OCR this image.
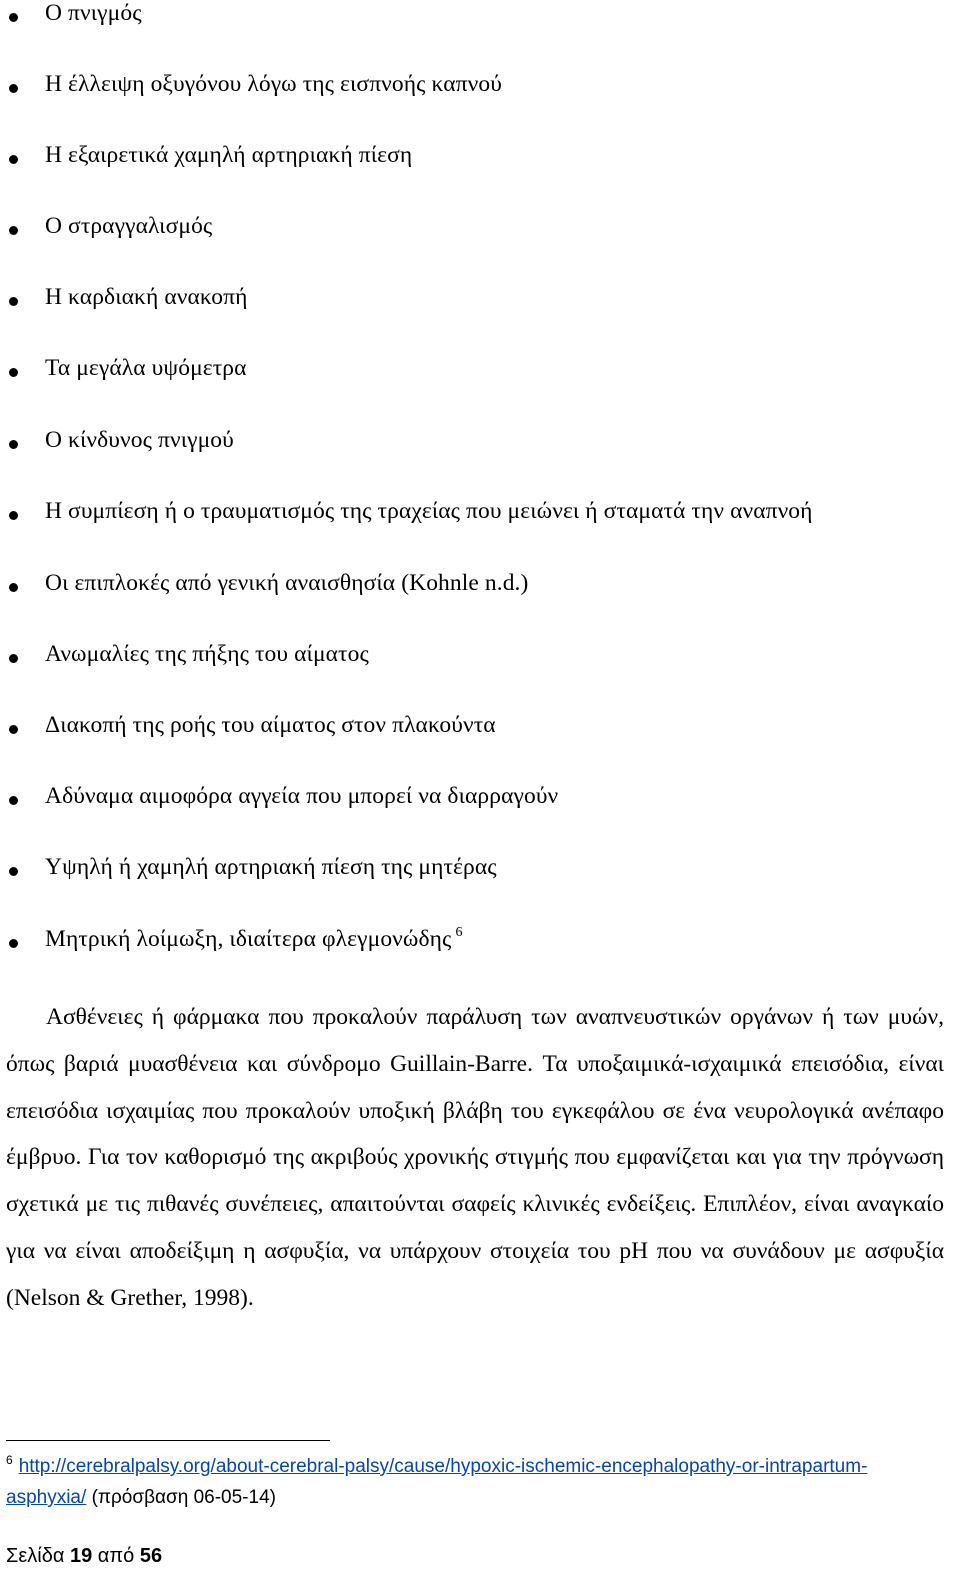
Ο πνιγμός
Η έλλειψη οξυγόνου λόγω της εισπνοής καπνού
Η εξαιρετικά χαμηλή αρτηριακή πίεση
Ο στραγγαλισμός
Η καρδιακή ανακοπή
Τα μεγάλα υψόμετρα
Ο κίνδυνος πνιγμού
Η συμπίεση ή ο τραυματισμός της τραχείας που μειώνει ή σταματά την αναπνοή
Οι επιπλοκές από γενική αναισθησία (Kohnle n.d.)
Ανωμαλίες της πήξης του αίματος
Διακοπή της ροής του αίματος στον πλακούντα
Αδύναμα αιμοφόρα αγγεία που μπορεί να διαρραγούν
Υψηλή ή χαμηλή αρτηριακή πίεση της μητέρας
Μητρική λοίμωξη, ιδιαίτερα φλεγμονώδης $^6$

Ασθένειες ή φάρμακα που προκαλούν παράλυση των αναπνευστικών οργάνων ή των μυών, όπως βαριά μυασθένεια και σύνδρομο Guillain-Barre. Τα υποξαιμικά-ισχαιμικά επεισόδια, είναι επεισόδια ισχαιμίας που προκαλούν υποξική βλάβη του εγκεφάλου σε ένα νευρολογικά ανέπαφο έμβρυο. Για τον καθορισμό της ακριβούς χρονικής στιγμής που εμφανίζεται και για την πρόγνωση σχετικά με τις πιθανές συνέπειες, απαιτούνται σαφείς κλινικές ενδείξεις. Επιπλέον, είναι αναγκαίο για να είναι αποδείξιμη η ασφυξία, να υπάρχουν στοιχεία του pH που να συνάδουν με ασφυξία (Nelson & Grether, 1998).

$^6$ http://cerebralpalsy.org/about-cerebral-palsy/cause/hypoxic-ischemic-encephalopathy-or-intrapartum-asphyxia/ (πρόσβαση 06-05-14)
Σελίδα 19 από 56
